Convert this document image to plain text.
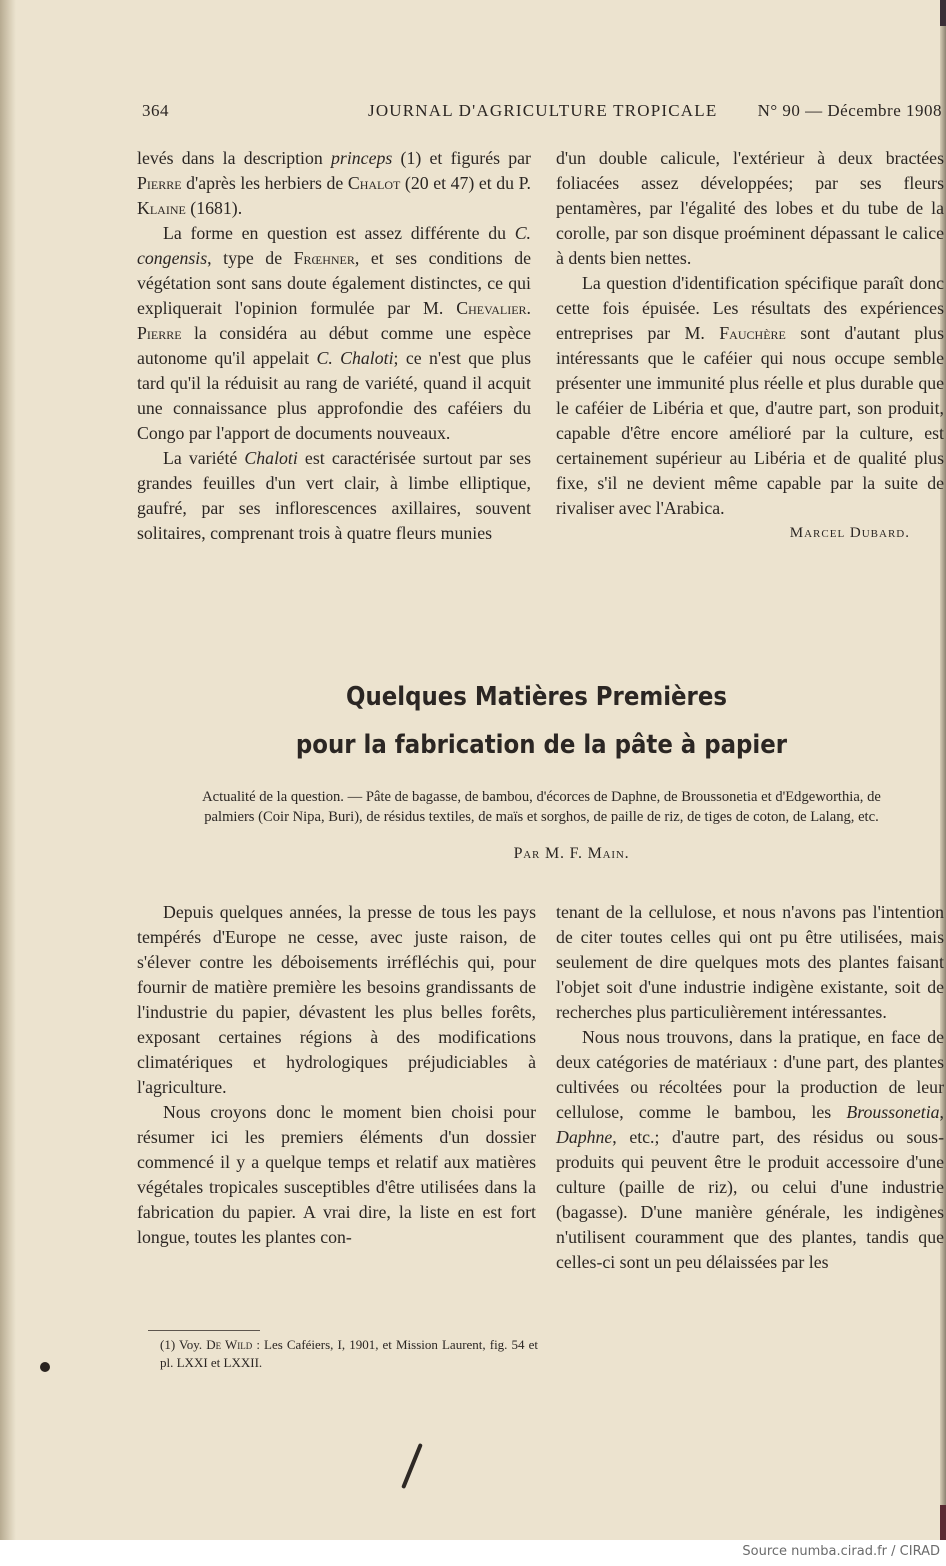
364	JOURNAL D'AGRICULTURE TROPICALE N° 90 — Décembre 1908

levés dans la description princeps (1) et figurés par Pierre d'après les herbiers de Chalot (20 et 47) et du P. Klaine (1681).

La forme en question est assez différente du C. congensis, type de Frœhner, et ses conditions de végétation sont sans doute également distinctes, ce qui expliquerait l'opinion formulée par M. Chevalier. Pierre la considéra au début comme une espèce autonome qu'il appelait C. Chaloti; ce n'est que plus tard qu'il la réduisit au rang de variété, quand il acquit une connaissance plus approfondie des caféiers du Congo par l'apport de documents nouveaux.

La variété Chaloti est caractérisée surtout par ses grandes feuilles d'un vert clair, à limbe elliptique, gaufré, par ses inflorescences axillaires, souvent solitaires, comprenant trois à quatre fleurs munies

d'un double calicule, l'extérieur à deux bractées foliacées assez développées; par ses fleurs pentamères, par l'égalité des lobes et du tube de la corolle, par son disque proéminent dépassant le calice à dents bien nettes.

La question d'identification spécifique paraît donc cette fois épuisée. Les résultats des expériences entreprises par M. Fauchère sont d'autant plus intéressants que le caféier qui nous occupe semble présenter une immunité plus réelle et plus durable que le caféier de Libéria et que, d'autre part, son produit, capable d'être encore amélioré par la culture, est certainement supérieur au Libéria et de qualité plus fixe, s'il ne devient même capable par la suite de rivaliser avec l'Arabica.

Marcel Dubard.

Quelques Matières Premières
pour la fabrication de la pâte à papier
Actualité de la question. — Pâte de bagasse, de bambou, d'écorces de Daphne, de Broussonetia et d'Edgeworthia, de palmiers (Coir Nipa, Buri), de résidus textiles, de maïs et sorghos, de paille de riz, de tiges de coton, de Lalang, etc.
Par M. F. Main.

Depuis quelques années, la presse de tous les pays tempérés d'Europe ne cesse, avec juste raison, de s'élever contre les déboisements irréfléchis qui, pour fournir de matière première les besoins grandissants de l'industrie du papier, dévastent les plus belles forêts, exposant certaines régions à des modifications climatériques et hydrologiques préjudiciables à l'agriculture.

Nous croyons donc le moment bien choisi pour résumer ici les premiers éléments d'un dossier commencé il y a quelque temps et relatif aux matières végétales tropicales susceptibles d'être utilisées dans la fabrication du papier. A vrai dire, la liste en est fort longue, toutes les plantes con-

tenant de la cellulose, et nous n'avons pas l'intention de citer toutes celles qui ont pu être utilisées, mais seulement de dire quelques mots des plantes faisant l'objet soit d'une industrie indigène existante, soit de recherches plus particulièrement intéressantes.

Nous nous trouvons, dans la pratique, en face de deux catégories de matériaux : d'une part, des plantes cultivées ou récoltées pour la production de leur cellulose, comme le bambou, les Broussonetia, Daphne, etc.; d'autre part, des résidus ou sous-produits qui peuvent être le produit accessoire d'une culture (paille de riz), ou celui d'une industrie (bagasse). D'une manière générale, les indigènes n'utilisent couramment que des plantes, tandis que celles-ci sont un peu délaissées par les

(1) Voy. De Wild : Les Caféiers, I, 1901, et Mission Laurent, fig. 54 et pl. LXXI et LXXII.
Source numba.cirad.fr / CIRAD
